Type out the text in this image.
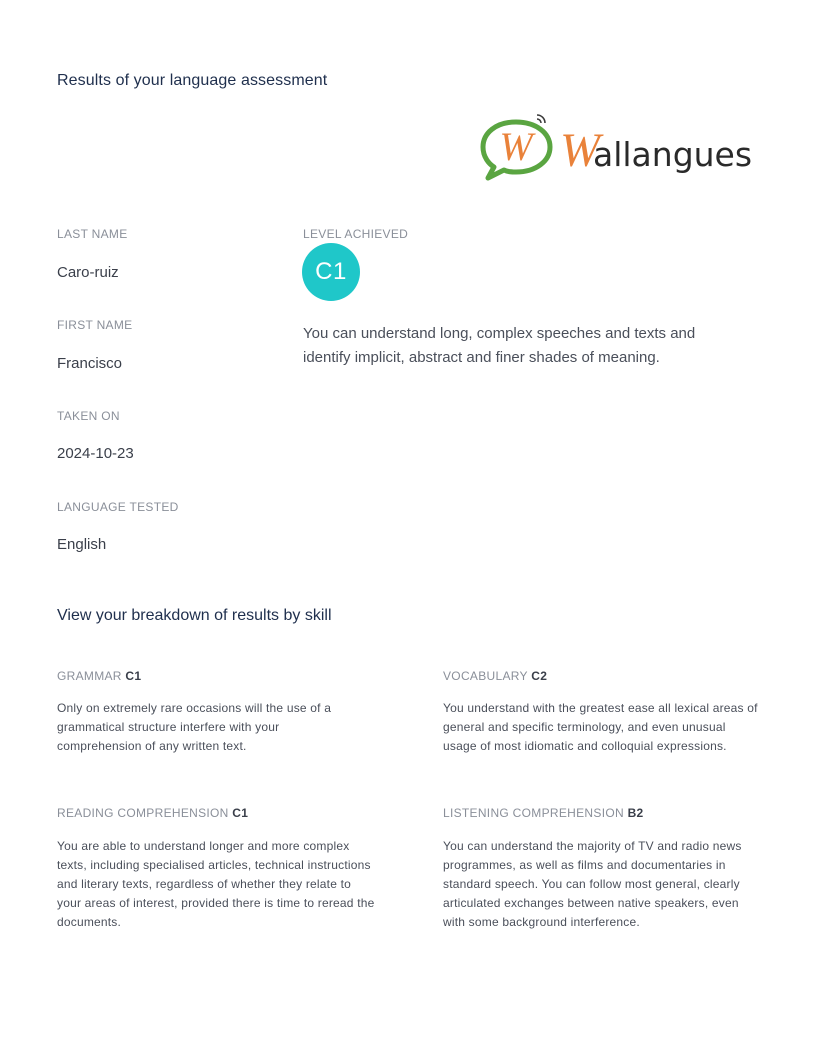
Results of your language assessment
W W
allangues
LAST NAME
Caro-ruiz
FIRST NAME
Francisco
TAKEN ON
2024-10-23
LANGUAGE TESTED
English
LEVEL ACHIEVED
C1
You can understand long, complex speeches and texts and identify implicit, abstract and finer shades of meaning.
View your breakdown of results by skill
GRAMMAR C1
Only on extremely rare occasions will the use of a grammatical structure interfere with your comprehension of any written text.
VOCABULARY C2
You understand with the greatest ease all lexical areas of general and specific terminology, and even unusual usage of most idiomatic and colloquial expressions.
READING COMPREHENSION C1
You are able to understand longer and more complex texts, including specialised articles, technical instructions and literary texts, regardless of whether they relate to your areas of interest, provided there is time to reread the documents.
LISTENING COMPREHENSION B2
You can understand the majority of TV and radio news programmes, as well as films and documentaries in standard speech. You can follow most general, clearly articulated exchanges between native speakers, even with some background interference.
